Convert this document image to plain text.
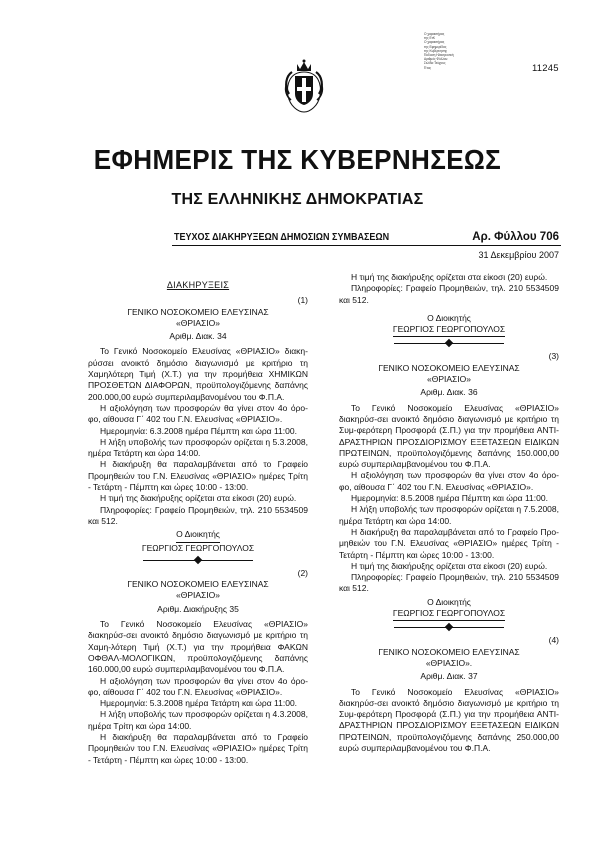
Ο χαρακτήρας
της ΕτΚ
Ο χαρακτήρας
της Εφημερίδας
της Κυβέρνησης
Έκδοση Ηλεκτρονική
Αριθμός Φύλλου
Σελίδα Τεύχους
Έτος	11245
ΕΦΗΜΕΡΙΣ ΤΗΣ ΚΥΒΕΡΝΗΣΕΩΣ
ΤΗΣ ΕΛΛΗΝΙΚΗΣ ΔΗΜΟΚΡΑΤΙΑΣ
ΤΕΥΧΟΣ ΔΙΑΚΗΡΥΞΕΩΝ ΔΗΜΟΣΙΩΝ ΣΥΜΒΑΣΕΩΝ	Αρ. Φύλλου 706
31 Δεκεμβρίου 2007
ΔΙΑΚΗΡΥΞΕΙΣ
(1)
ΓΕΝΙΚΟ ΝΟΣΟΚΟΜΕΙΟ ΕΛΕΥΣΙΝΑΣ
«ΘΡΙΑΣΙΟ»
Αριθμ. Διακ. 34
Το Γενικό Νοσοκομείο Ελευσίνας «ΘΡΙΑΣΙΟ» διακη-ρύσσει ανοικτό δημόσιο διαγωνισμό με κριτήριο τη Χαμηλότερη Τιμή (Χ.Τ.) για την προμήθεια ΧΗΜΙΚΩΝ ΠΡΟΣΘΕΤΩΝ ΔΙΑΦΟΡΩΝ, προϋπολογιζόμενης δαπάνης 200.000,00 ευρώ συμπεριλαμβανομένου του Φ.Π.Α.
Η αξιολόγηση των προσφορών θα γίνει στον 4ο όρο-φο, αίθουσα Γ΄ 402 του Γ.Ν. Ελευσίνας «ΘΡΙΑΣΙΟ».
Ημερομηνία: 6.3.2008 ημέρα Πέμπτη και ώρα 11:00.
Η λήξη υποβολής των προσφορών ορίζεται η 5.3.2008, ημέρα Τετάρτη και ώρα 14:00.
Η διακήρυξη θα παραλαμβάνεται από το Γραφείο Προμηθειών του Γ.Ν. Ελευσίνας «ΘΡΙΑΣΙΟ» ημέρες Τρίτη - Τετάρτη - Πέμπτη και ώρες 10:00 - 13:00.
Η τιμή της διακήρυξης ορίζεται στα είκοσι (20) ευρώ.
Πληροφορίες: Γραφείο Προμηθειών, τηλ. 210 5534509 και 512.
Ο Διοικητής
ΓΕΩΡΓΙΟΣ ΓΕΩΡΓΟΠΟΥΛΟΣ
(2)
ΓΕΝΙΚΟ ΝΟΣΟΚΟΜΕΙΟ ΕΛΕΥΣΙΝΑΣ
«ΘΡΙΑΣΙΟ»
Αριθμ. Διακήρυξης 35
Το Γενικό Νοσοκομείο Ελευσίνας «ΘΡΙΑΣΙΟ» διακηρύσ-σει ανοικτό δημόσιο διαγωνισμό με κριτήριο τη Χαμη-λότερη Τιμή (Χ.Τ.) για την προμήθεια ΦΑΚΩΝ ΟΦΘΑΛ-ΜΟΛΟΓΙΚΩΝ, προϋπολογιζόμενης δαπάνης 160.000,00 ευρώ συμπεριλαμβανομένου του Φ.Π.Α.
Η αξιολόγηση των προσφορών θα γίνει στον 4ο όρο-φο, αίθουσα Γ΄ 402 του Γ.Ν. Ελευσίνας «ΘΡΙΑΣΙΟ».
Ημερομηνία: 5.3.2008 ημέρα Τετάρτη και ώρα 11:00.
Η λήξη υποβολής των προσφορών ορίζεται η 4.3.2008, ημέρα Τρίτη και ώρα 14:00.
Η διακήρυξη θα παραλαμβάνεται από το Γραφείο Προμηθειών του Γ.Ν. Ελευσίνας «ΘΡΙΑΣΙΟ» ημέρες Τρίτη - Τετάρτη - Πέμπτη και ώρες 10:00 - 13:00.
Η τιμή της διακήρυξης ορίζεται στα είκοσι (20) ευρώ.
Πληροφορίες: Γραφείο Προμηθειών, τηλ. 210 5534509 και 512.
Ο Διοικητής
ΓΕΩΡΓΙΟΣ ΓΕΩΡΓΟΠΟΥΛΟΣ
(3)
ΓΕΝΙΚΟ ΝΟΣΟΚΟΜΕΙΟ ΕΛΕΥΣΙΝΑΣ
«ΘΡΙΑΣΙΟ»
Αριθμ. Διακ. 36
Το Γενικό Νοσοκομείο Ελευσίνας «ΘΡΙΑΣΙΟ» διακηρύσ-σει ανοικτό δημόσιο διαγωνισμό με κριτήριο τη Συμ-φερότερη Προσφορά (Σ.Π.) για την προμήθεια ΑΝΤΙ-ΔΡΑΣΤΗΡΙΩΝ ΠΡΟΣΔΙΟΡΙΣΜΟΥ ΕΞΕΤΑΣΕΩΝ ΕΙΔΙΚΩΝ ΠΡΩΤΕΙΝΩΝ, προϋπολογιζόμενης δαπάνης 150.000,00 ευρώ συμπεριλαμβανομένου του Φ.Π.Α.
Η αξιολόγηση των προσφορών θα γίνει στον 4ο όρο-φο, αίθουσα Γ΄ 402 του Γ.Ν. Ελευσίνας «ΘΡΙΑΣΙΟ».
Ημερομηνία: 8.5.2008 ημέρα Πέμπτη και ώρα 11:00.
Η λήξη υποβολής των προσφορών ορίζεται η 7.5.2008, ημέρα Τετάρτη και ώρα 14:00.
Η διακήρυξη θα παραλαμβάνεται από το Γραφείο Προ-μηθειών του Γ.Ν. Ελευσίνας «ΘΡΙΑΣΙΟ» ημέρες Τρίτη - Τετάρτη - Πέμπτη και ώρες 10:00 - 13:00.
Η τιμή της διακήρυξης ορίζεται στα είκοσι (20) ευρώ.
Πληροφορίες: Γραφείο Προμηθειών, τηλ. 210 5534509 και 512.
Ο Διοικητής
ΓΕΩΡΓΙΟΣ ΓΕΩΡΓΟΠΟΥΛΟΣ
(4)
ΓΕΝΙΚΟ ΝΟΣΟΚΟΜΕΙΟ ΕΛΕΥΣΙΝΑΣ
«ΘΡΙΑΣΙΟ».
Αριθμ. Διακ. 37
Το Γενικό Νοσοκομείο Ελευσίνας «ΘΡΙΑΣΙΟ» διακηρύσ-σει ανοικτό δημόσιο διαγωνισμό με κριτήριο τη Συμ-φερότερη Προσφορά (Σ.Π.) για την προμήθεια ΑΝΤΙ-ΔΡΑΣΤΗΡΙΩΝ ΠΡΟΣΔΙΟΡΙΣΜΟΥ ΕΞΕΤΑΣΕΩΝ ΕΙΔΙΚΩΝ ΠΡΩΤΕΙΝΩΝ, προϋπολογιζόμενης δαπάνης 250.000,00 ευρώ συμπεριλαμβανομένου του Φ.Π.Α.
